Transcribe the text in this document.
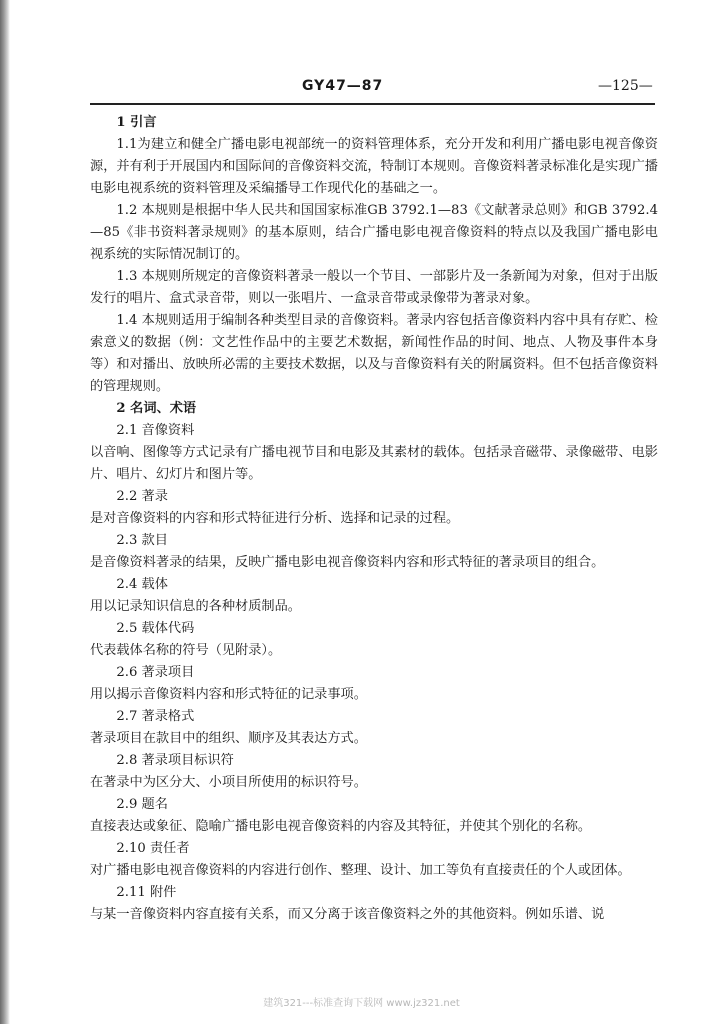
GY47—87	—125—

1 引言

1.1为建立和健全广播电影电视部统一的资料管理体系，充分开发和利用广播电影电视音像资源，并有利于开展国内和国际间的音像资料交流，特制订本规则。音像资料著录标准化是实现广播电影电视系统的资料管理及采编播导工作现代化的基础之一。

1.2 本规则是根据中华人民共和国国家标准GB 3792.1—83《文献著录总则》和GB 3792.4—85《非书资料著录规则》的基本原则，结合广播电影电视音像资料的特点以及我国广播电影电视系统的实际情况制订的。

1.3 本规则所规定的音像资料著录一般以一个节目、一部影片及一条新闻为对象，但对于出版发行的唱片、盒式录音带，则以一张唱片、一盒录音带或录像带为著录对象。

1.4 本规则适用于编制各种类型目录的音像资料。著录内容包括音像资料内容中具有存贮、检索意义的数据（例：文艺性作品中的主要艺术数据，新闻性作品的时间、地点、人物及事件本身等）和对播出、放映所必需的主要技术数据，以及与音像资料有关的附属资料。但不包括音像资料的管理规则。

2 名词、术语

2.1 音像资料

以音响、图像等方式记录有广播电视节目和电影及其素材的载体。包括录音磁带、录像磁带、电影片、唱片、幻灯片和图片等。

2.2 著录

是对音像资料的内容和形式特征进行分析、选择和记录的过程。

2.3 款目

是音像资料著录的结果，反映广播电影电视音像资料内容和形式特征的著录项目的组合。

2.4 载体

用以记录知识信息的各种材质制品。

2.5 载体代码

代表载体名称的符号（见附录）。

2.6 著录项目

用以揭示音像资料内容和形式特征的记录事项。

2.7 著录格式

著录项目在款目中的组织、顺序及其表达方式。

2.8 著录项目标识符

在著录中为区分大、小项目所使用的标识符号。

2.9 题名

直接表达或象征、隐喻广播电影电视音像资料的内容及其特征，并使其个别化的名称。

2.10 责任者

对广播电影电视音像资料的内容进行创作、整理、设计、加工等负有直接责任的个人或团体。

2.11 附件

与某一音像资料内容直接有关系，而又分离于该音像资料之外的其他资料。例如乐谱、说

建筑321---标准查询下载网 www.jz321.net
